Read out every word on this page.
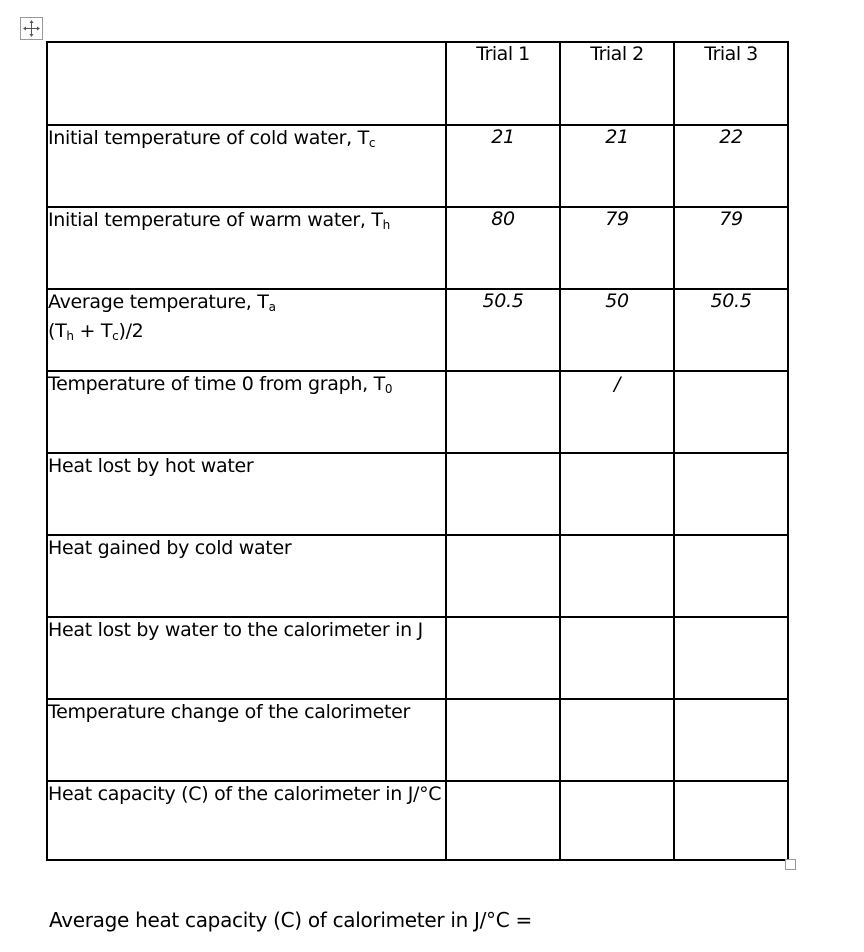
	Trial 1	Trial 2	Trial 3
Initial temperature of cold water, $T_c$	21	21	22
Initial temperature of warm water, $T_h$	80	79	79
Average temperature, $T_a$
$(T_h + T_c)/2$	50.5	50	50.5
Temperature of time 0 from graph, $T_0$		/	
Heat lost by hot water			
Heat gained by cold water			
Heat lost by water to the calorimeter in J			
Temperature change of the calorimeter			
Heat capacity (C) of the calorimeter in J/°C			
Average heat capacity (C) of calorimeter in J/°C =
